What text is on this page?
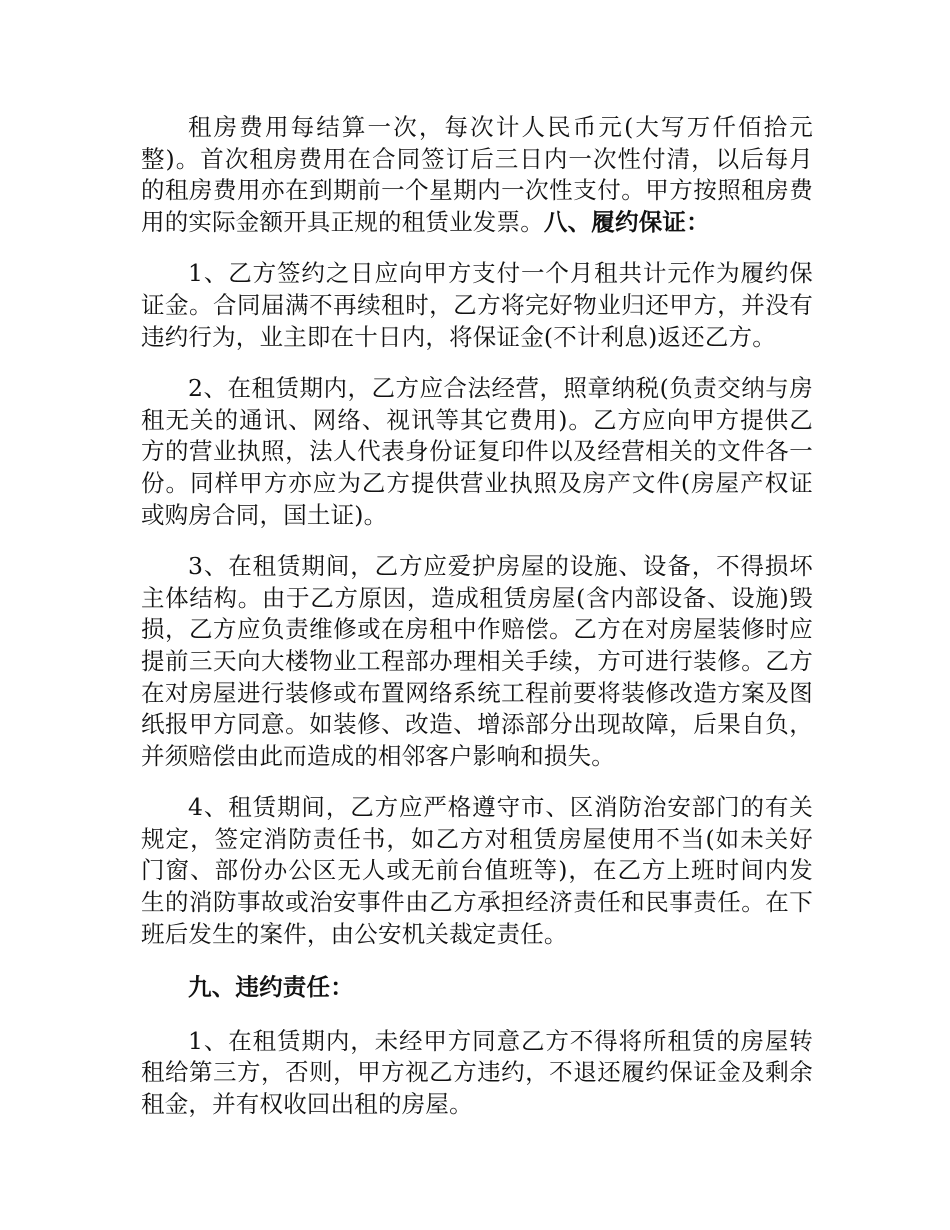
租房费用每结算一次，每次计人民币元(大写万仟佰拾元整)。首次租房费用在合同签订后三日内一次性付清，以后每月的租房费用亦在到期前一个星期内一次性支付。甲方按照租房费用的实际金额开具正规的租赁业发票。八、履约保证：

1、乙方签约之日应向甲方支付一个月租共计元作为履约保证金。合同届满不再续租时，乙方将完好物业归还甲方，并没有违约行为，业主即在十日内，将保证金(不计利息)返还乙方。

2、在租赁期内，乙方应合法经营，照章纳税(负责交纳与房租无关的通讯、网络、视讯等其它费用)。乙方应向甲方提供乙方的营业执照，法人代表身份证复印件以及经营相关的文件各一份。同样甲方亦应为乙方提供营业执照及房产文件(房屋产权证或购房合同，国土证)。

3、在租赁期间，乙方应爱护房屋的设施、设备，不得损坏主体结构。由于乙方原因，造成租赁房屋(含内部设备、设施)毁损，乙方应负责维修或在房租中作赔偿。乙方在对房屋装修时应提前三天向大楼物业工程部办理相关手续，方可进行装修。乙方在对房屋进行装修或布置网络系统工程前要将装修改造方案及图纸报甲方同意。如装修、改造、增添部分出现故障，后果自负，并须赔偿由此而造成的相邻客户影响和损失。

4、租赁期间，乙方应严格遵守市、区消防治安部门的有关规定，签定消防责任书，如乙方对租赁房屋使用不当(如未关好门窗、部份办公区无人或无前台值班等)，在乙方上班时间内发生的消防事故或治安事件由乙方承担经济责任和民事责任。在下班后发生的案件，由公安机关裁定责任。

九、违约责任：

1、在租赁期内，未经甲方同意乙方不得将所租赁的房屋转租给第三方，否则，甲方视乙方违约，不退还履约保证金及剩余租金，并有权收回出租的房屋。
